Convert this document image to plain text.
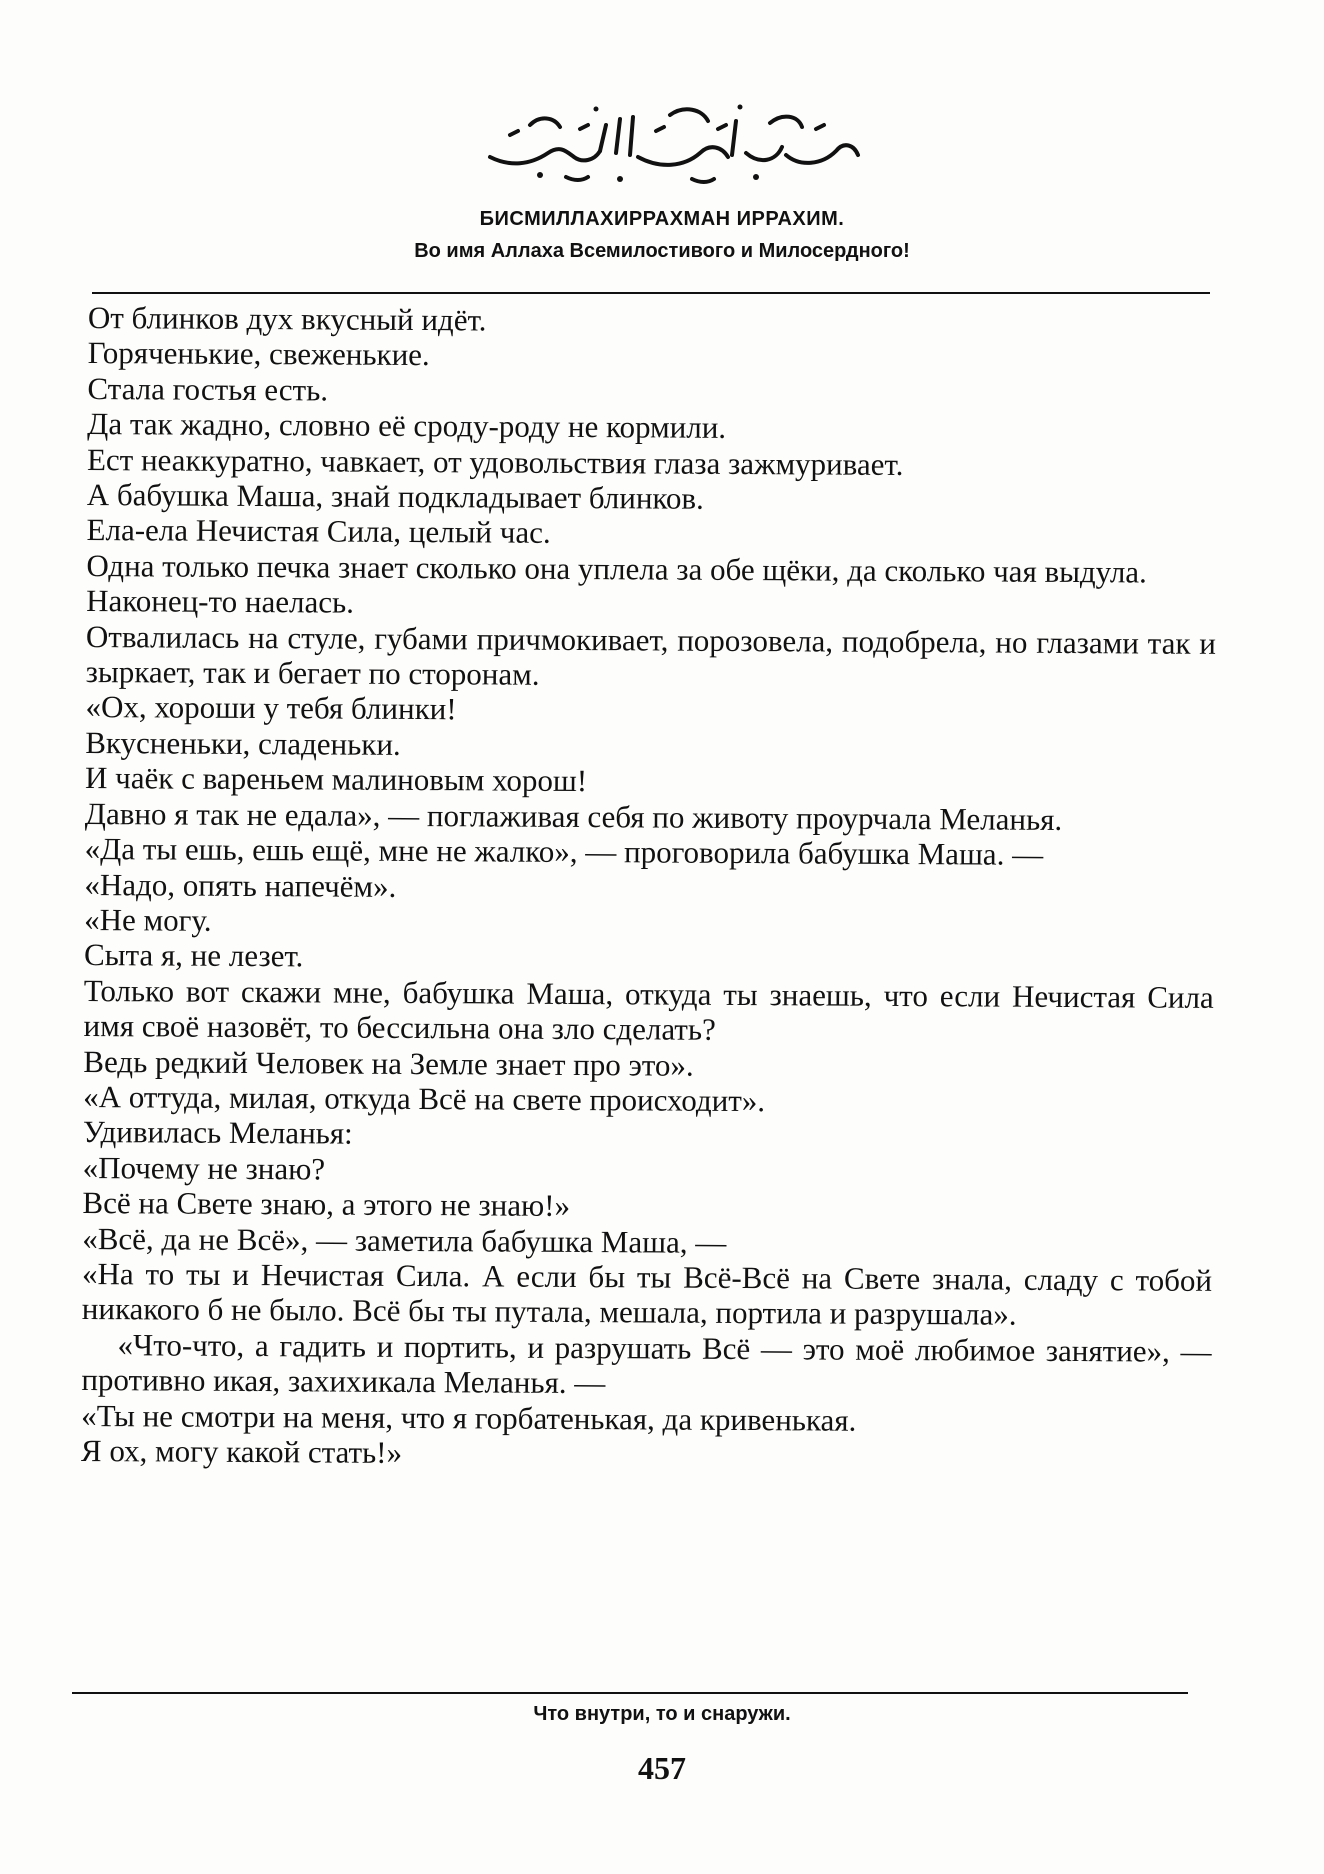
БИСМИЛЛАХИРРАХМАН ИРРАХИМ.
Во имя Аллаха Всемилостивого и Милосердного!

От блинков дух вкусный идёт.

Горяченькие, свеженькие.

Стала гостья есть.

Да так жадно, словно её сроду-роду не кормили.

Ест неаккуратно, чавкает, от удовольствия глаза зажмуривает.

А бабушка Маша, знай подкладывает блинков.

Ела-ела Нечистая Сила, целый час.

Одна только печка знает сколько она уплела за обе щёки, да сколько чая выдула.

Наконец-то наелась.

Отвалилась на стуле, губами причмокивает, порозовела, подобрела, но глазами так и зыркает, так и бегает по сторонам.

«Ох, хороши у тебя блинки!

Вкусненьки, сладеньки.

И чаёк с вареньем малиновым хорош!

Давно я так не едала», — поглаживая себя по животу проурчала Меланья.

«Да ты ешь, ешь ещё, мне не жалко», — проговорила бабушка Маша. —

«Надо, опять напечём».

«Не могу.

Сыта я, не лезет.

Только вот скажи мне, бабушка Маша, откуда ты знаешь, что если Нечистая Сила имя своё назовёт, то бессильна она зло сделать?

Ведь редкий Человек на Земле знает про это».

«А оттуда, милая, откуда Всё на свете происходит».

Удивилась Меланья:

«Почему не знаю?

Всё на Свете знаю, а этого не знаю!»

«Всё, да не Всё», — заметила бабушка Маша, —

«На то ты и Нечистая Сила. А если бы ты Всё-Всё на Свете знала, сладу с тобой никакого б не было. Всё бы ты путала, мешала, портила и разрушала».

«Что-что, а гадить и портить, и разрушать Всё — это моё любимое занятие», — противно икая, захихикала Меланья. —

«Ты не смотри на меня, что я горбатенькая, да кривенькая.

Я ох, могу какой стать!»

Что внутри, то и снаружи.
457
